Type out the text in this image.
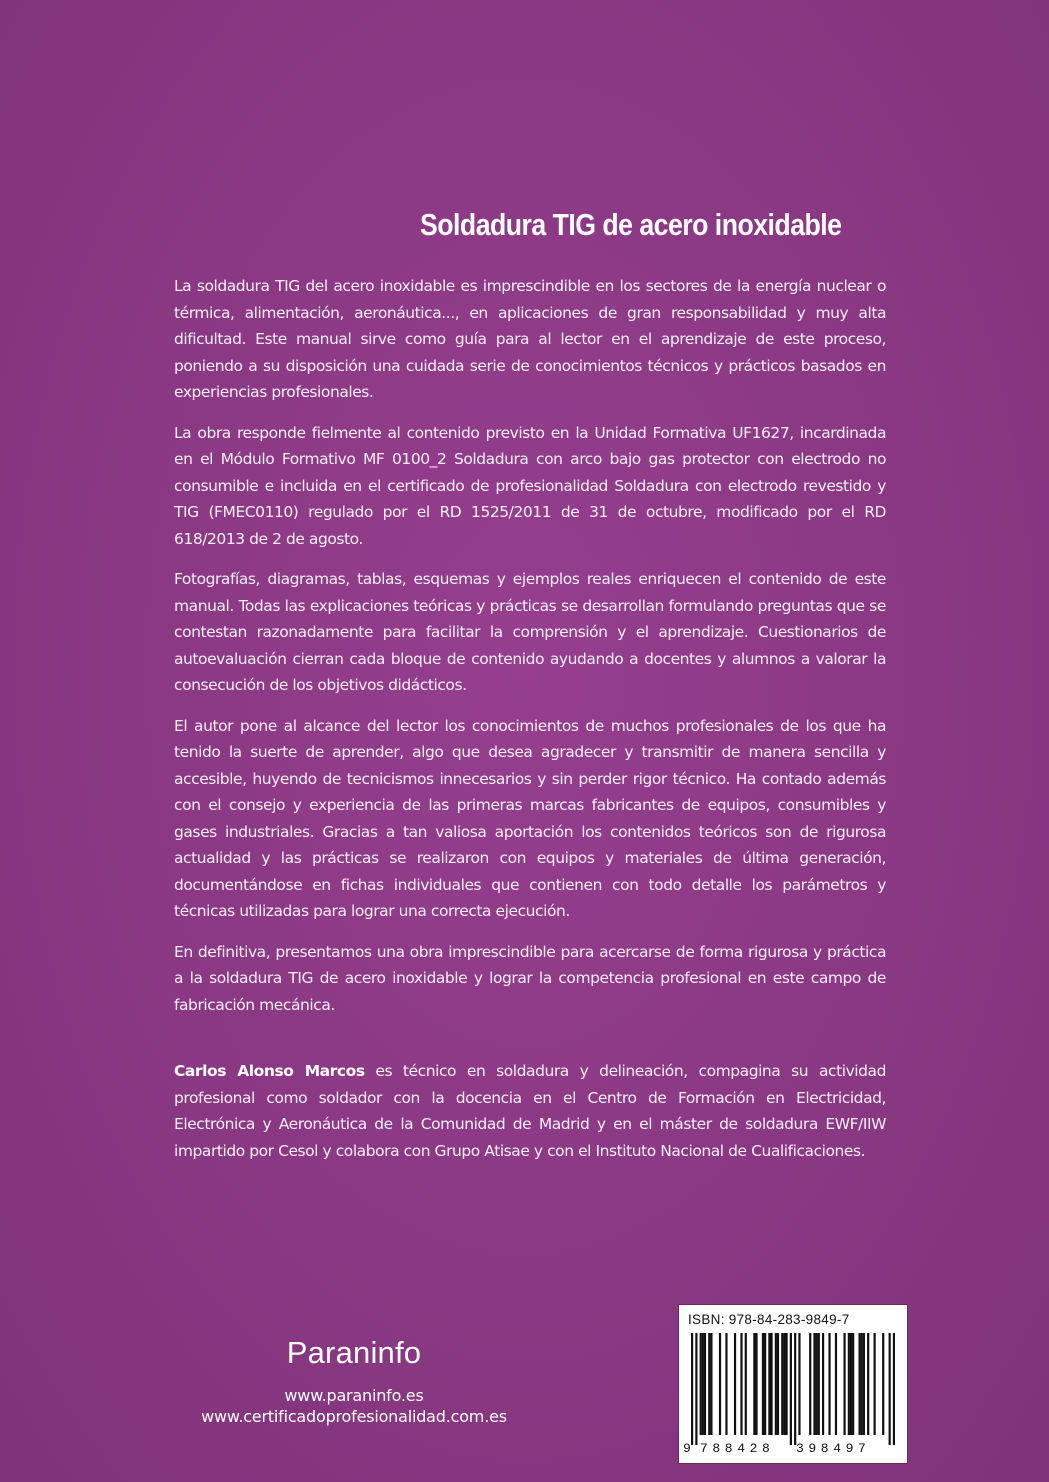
Soldadura TIG de acero inoxidable

La soldadura TIG del acero inoxidable es imprescindible en los sectores de la energía nuclear o térmica, alimentación, aeronáutica..., en aplicaciones de gran responsabilidad y muy alta dificultad. Este manual sirve como guía para al lector en el aprendizaje de este proceso, poniendo a su disposición una cuidada serie de conocimientos técnicos y prácticos basados en experiencias profesionales.

La obra responde fielmente al contenido previsto en la Unidad Formativa UF1627, incardinada en el Módulo Formativo MF 0100_2 Soldadura con arco bajo gas protector con electrodo no consumible e incluida en el certificado de profesionalidad Soldadura con electrodo revestido y TIG (FMEC0110) regulado por el RD 1525/2011 de 31 de octubre, modificado por el RD 618/2013 de 2 de agosto.

Fotografías, diagramas, tablas, esquemas y ejemplos reales enriquecen el contenido de este manual. Todas las explicaciones teóricas y prácticas se desarrollan formulando preguntas que se contestan razonadamente para facilitar la comprensión y el aprendizaje. Cuestionarios de autoevaluación cierran cada bloque de contenido ayudando a docentes y alumnos a valorar la consecución de los objetivos didácticos.

El autor pone al alcance del lector los conocimientos de muchos profesionales de los que ha tenido la suerte de aprender, algo que desea agradecer y transmitir de manera sencilla y accesible, huyendo de tecnicismos innecesarios y sin perder rigor técnico. Ha contado además con el consejo y experiencia de las primeras marcas fabricantes de equipos, consumibles y gases industriales. Gracias a tan valiosa aportación los contenidos teóricos son de rigurosa actualidad y las prácticas se realizaron con equipos y materiales de última generación, documentándose en fichas individuales que contienen con todo detalle los parámetros y técnicas utilizadas para lograr una correcta ejecución.

En definitiva, presentamos una obra imprescindible para acercarse de forma rigurosa y práctica a la soldadura TIG de acero inoxidable y lograr la competencia profesional en este campo de fabricación mecánica.

Carlos Alonso Marcos es técnico en soldadura y delineación, compagina su actividad profesional como soldador con la docencia en el Centro de Formación en Electricidad, Electrónica y Aeronáutica de la Comunidad de Madrid y en el máster de soldadura EWF/IIW impartido por Cesol y colabora con Grupo Atisae y con el Instituto Nacional de Cualificaciones.

Paraninfo
www.paraninfo.es
www.certificadoprofesionalidad.com.es
ISBN: 978-84-283-9849-7
9 788428 398497
